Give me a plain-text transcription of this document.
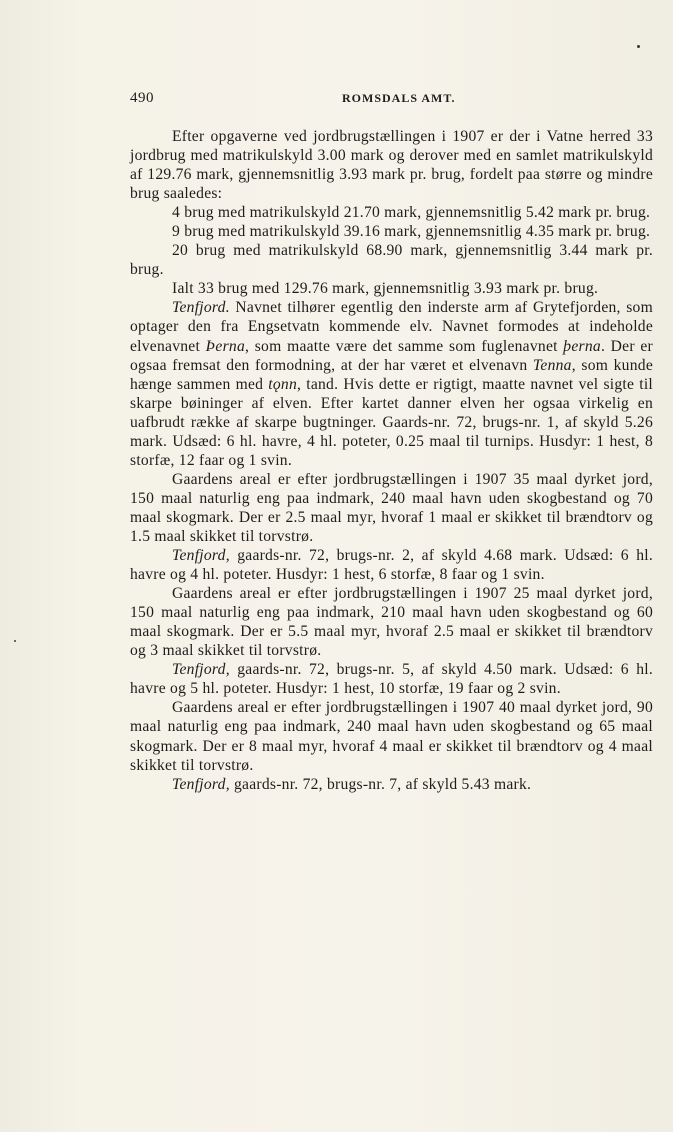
490	ROMSDALS AMT.

Efter opgaverne ved jordbrugstællingen i 1907 er der i Vatne herred 33 jordbrug med matrikulskyld 3.00 mark og derover med en samlet matrikulskyld af 129.76 mark, gjennemsnitlig 3.93 mark pr. brug, fordelt paa større og mindre brug saaledes:

4 brug med matrikulskyld 21.70 mark, gjennemsnitlig 5.42 mark pr. brug.

9 brug med matrikulskyld 39.16 mark, gjennemsnitlig 4.35 mark pr. brug.

20 brug med matrikulskyld 68.90 mark, gjennemsnitlig 3.44 mark pr. brug.

Ialt 33 brug med 129.76 mark, gjennemsnitlig 3.93 mark pr. brug.

Tenfjord. Navnet tilhører egentlig den inderste arm af Grytefjorden, som optager den fra Engsetvatn kommende elv. Navnet formodes at indeholde elvenavnet Þerna, som maatte være det samme som fuglenavnet þerna. Der er ogsaa fremsat den formodning, at der har været et elvenavn Tenna, som kunde hænge sammen med tǫnn, tand. Hvis dette er rigtigt, maatte navnet vel sigte til skarpe bøininger af elven. Efter kartet danner elven her ogsaa virkelig en uafbrudt række af skarpe bugtninger. Gaards-nr. 72, brugs-nr. 1, af skyld 5.26 mark. Udsæd: 6 hl. havre, 4 hl. poteter, 0.25 maal til turnips. Husdyr: 1 hest, 8 storfæ, 12 faar og 1 svin.

Gaardens areal er efter jordbrugstællingen i 1907 35 maal dyrket jord, 150 maal naturlig eng paa indmark, 240 maal havn uden skogbestand og 70 maal skogmark. Der er 2.5 maal myr, hvoraf 1 maal er skikket til brændtorv og 1.5 maal skikket til torvstrø.

Tenfjord, gaards-nr. 72, brugs-nr. 2, af skyld 4.68 mark. Udsæd: 6 hl. havre og 4 hl. poteter. Husdyr: 1 hest, 6 storfæ, 8 faar og 1 svin.

Gaardens areal er efter jordbrugstællingen i 1907 25 maal dyrket jord, 150 maal naturlig eng paa indmark, 210 maal havn uden skogbestand og 60 maal skogmark. Der er 5.5 maal myr, hvoraf 2.5 maal er skikket til brændtorv og 3 maal skikket til torvstrø.

Tenfjord, gaards-nr. 72, brugs-nr. 5, af skyld 4.50 mark. Udsæd: 6 hl. havre og 5 hl. poteter. Husdyr: 1 hest, 10 storfæ, 19 faar og 2 svin.

Gaardens areal er efter jordbrugstællingen i 1907 40 maal dyrket jord, 90 maal naturlig eng paa indmark, 240 maal havn uden skogbestand og 65 maal skogmark. Der er 8 maal myr, hvoraf 4 maal er skikket til brændtorv og 4 maal skikket til torvstrø.

Tenfjord, gaards-nr. 72, brugs-nr. 7, af skyld 5.43 mark.
